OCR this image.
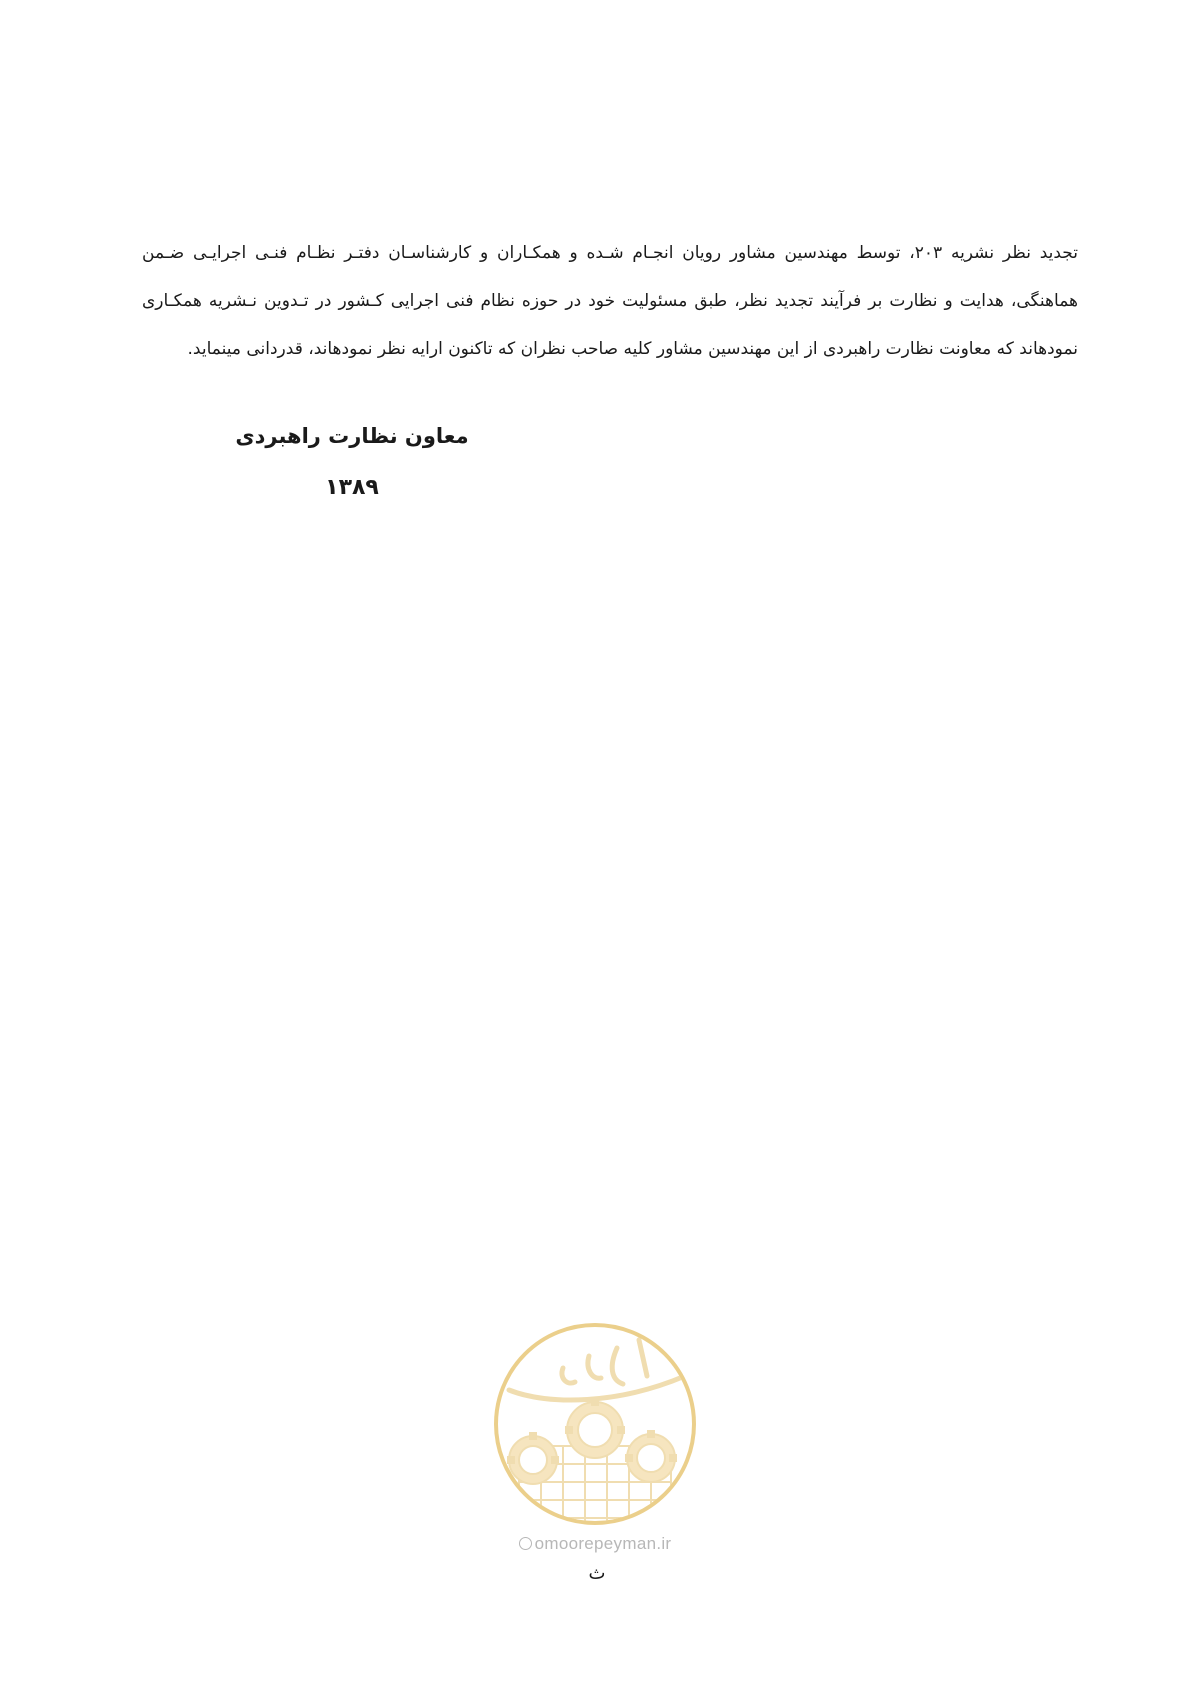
تجدید نظر نشریه ۲۰۳، توسط مهندسین مشاور رویان انجـام شـده و همکـاران و کارشناسـان دفتـر نظـام فنـی اجرایـی ضـمن هماهنگی، هدایت و نظارت بر فرآیند تجدید نظر، طبق مسئولیت خود در حوزه نظام فنی اجرایی کـشور در تـدوین نـشریه همکـاری نمودهاند که معاونت نظارت راهبردی از این مهندسین مشاور کلیه صاحب نظران که تاکنون ارایه نظر نمودهاند، قدردانی مینماید.

معاون نظارت راهبردی

۱۳۸۹

omoorepeyman.ir
ث
